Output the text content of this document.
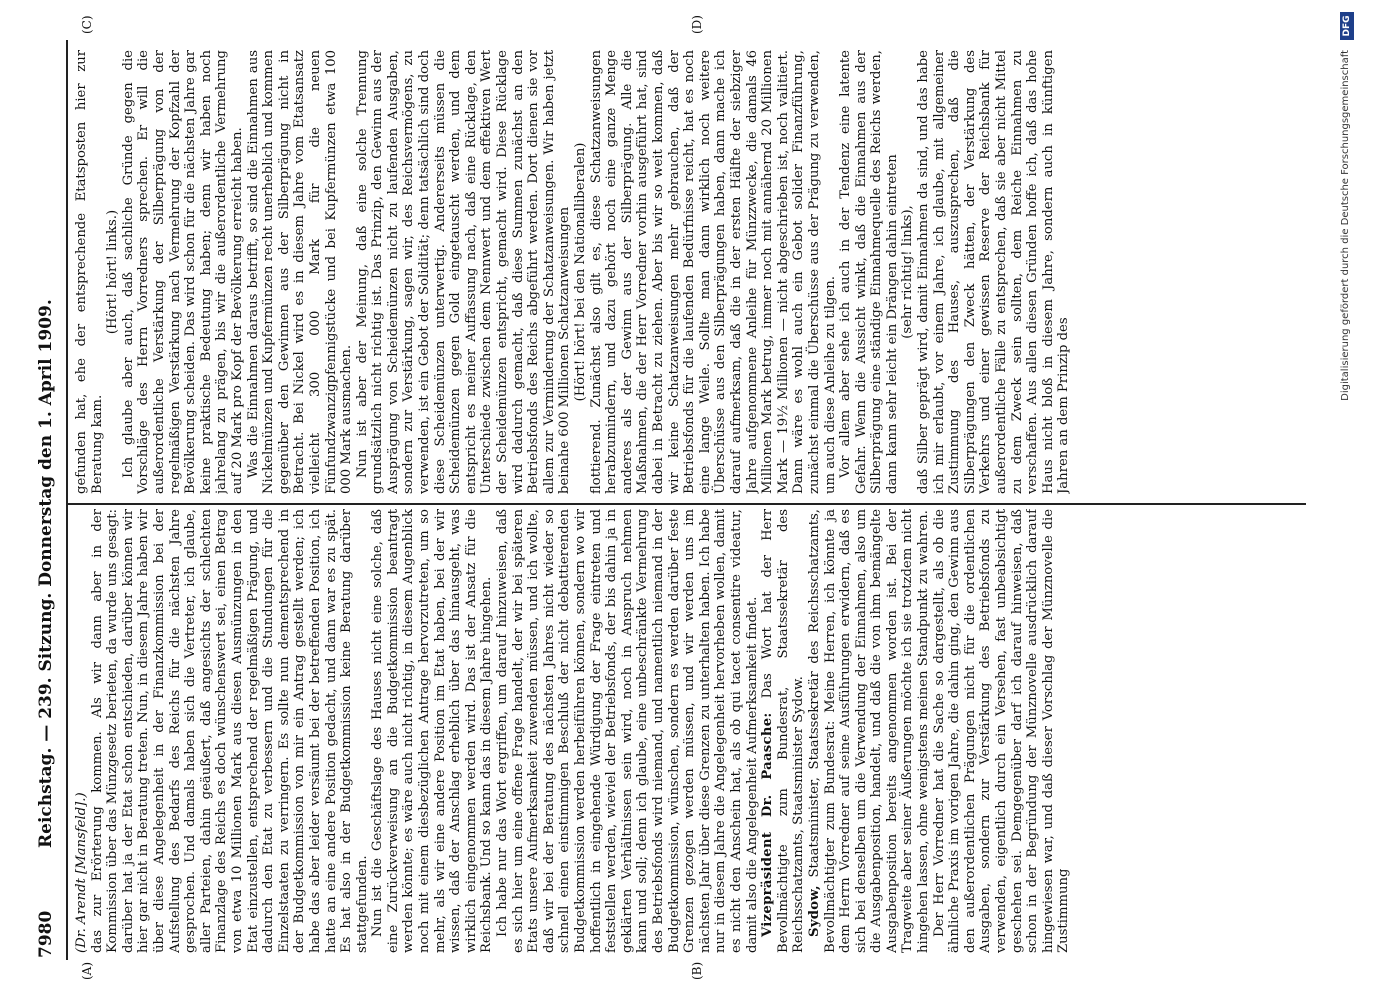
7980
Reichstag. — 239. Sitzung. Donnerstag den 1. April 1909.
(A)	(B)
(C)	(D)

(Dr. Arendt [Mansfeld].) das zur Erörterung kommen. Als wir dann aber in der Kommission über das Münzgesetz berieten, da wurde uns gesagt: darüber hat ja der Etat schon entschieden, darüber können wir hier gar nicht in Beratung treten. Nun, in diesem Jahre haben wir über diese Angelegenheit in der Finanzkommission bei der Aufstellung des Bedarfs des Reichs für die nächsten Jahre gesprochen. Und damals haben sich die Vertreter, ich glaube, aller Parteien, dahin geäußert, daß angesichts der schlechten Finanzlage des Reichs es doch wünschenswert sei, einen Betrag von etwa 10 Millionen Mark aus diesen Ausmünzungen in den Etat einzustellen, entsprechend der regelmäßigen Prägung, und dadurch den Etat zu verbessern und die Stundungen für die Einzelstaaten zu verringern. Es sollte nun dementsprechend in der Budgetkommission von mir ein Antrag gestellt werden; ich habe das aber leider versäumt bei der betreffenden Position, ich hatte an eine andere Position gedacht, und dann war es zu spät. Es hat also in der Budgetkommission keine Beratung darüber stattgefunden. Nun ist die Geschäftslage des Hauses nicht eine solche, daß eine Zurückverweisung an die Budgetkommission beantragt werden könnte; es wäre auch nicht richtig, in diesem Augenblick noch mit einem diesbezüglichen Antrage hervorzutreten, um so mehr, als wir eine andere Position im Etat haben, bei der wir wissen, daß der Anschlag erheblich über das hinausgeht, was wirklich eingenommen werden wird. Das ist der Ansatz für die Reichsbank. Und so kann das in diesem Jahre hingehen. Ich habe nur das Wort ergriffen, um darauf hinzuweisen, daß es sich hier um eine offene Frage handelt, der wir bei späteren Etats unsere Aufmerksamkeit zuwenden müssen, und ich wollte, daß wir bei der Beratung des nächsten Jahres nicht wieder so schnell einen einstimmigen Beschluß der nicht debattierenden Budgetkommission werden herbeiführen können, sondern wo wir hoffentlich in eingehende Würdigung der Frage eintreten und feststellen werden, wieviel der Betriebsfonds, der bis dahin ja in geklärten Verhältnissen sein wird, noch in Anspruch nehmen kann und soll; denn ich glaube, eine unbeschränkte Vermehrung des Betriebsfonds wird niemand, und namentlich niemand in der Budgetkommission, wünschen, sondern es werden darüber feste Grenzen gezogen werden müssen, und wir werden uns im nächsten Jahr über diese Grenzen zu unterhalten haben. Ich habe nur in diesem Jahre die Angelegenheit hervorheben wollen, damit es nicht den Anschein hat, als ob qui tacet consentire videatur, damit also die Angelegenheit Aufmerksamkeit findet. Vizepräsident Dr. Paasche: Das Wort hat der Herr Bevollmächtigte zum Bundesrat, Staatssekretär des Reichsschatzamts, Staatsminister Sydow. Sydow, Staatsminister, Staatssekretär des Reichsschatzamts, Bevollmächtigter zum Bundesrat: Meine Herren, ich könnte ja dem Herrn Vorredner auf seine Ausführungen erwidern, daß es sich bei denselben um die Verwendung der Einnahmen, also um die Ausgabenposition, handelt, und daß die von ihm bemängelte Ausgabenposition bereits angenommen worden ist. Bei der Tragweite aber seiner Äußerungen möchte ich sie trotzdem nicht hingehen lassen, ohne wenigstens meinen Standpunkt zu wahren. Der Herr Vorredner hat die Sache so dargestellt, als ob die ähnliche Praxis im vorigen Jahre, die dahin ging, den Gewinn aus den außerordentlichen Prägungen nicht für die ordentlichen Ausgaben, sondern zur Verstärkung des Betriebsfonds zu verwenden, eigentlich durch ein Versehen, fast unbeabsichtigt geschehen sei. Demgegenüber darf ich darauf hinweisen, daß schon in der Begründung der Münznovelle ausdrücklich darauf hingewiesen war, und daß dieser Vorschlag der Münznovelle die Zustimmung

gefunden hat, ehe der entsprechende Etatsposten hier zur Beratung kam.

(Hört! hört! links.) Ich glaube aber auch, daß sachliche Gründe gegen die Vorschläge des Herrn Vorredners sprechen. Er will die außerordentliche Verstärkung der Silberprägung von der regelmäßigen Verstärkung nach Vermehrung der Kopfzahl der Bevölkerung scheiden. Das wird schon für die nächsten Jahre gar keine praktische Bedeutung haben; denn wir haben noch jahrelang zu prägen, bis wir die außerordentliche Vermehrung auf 20 Mark pro Kopf der Bevölkerung erreicht haben. Was die Einnahmen daraus betrifft, so sind die Einnahmen aus Nickelmünzen und Kupfermünzen recht unerheblich und kommen gegenüber den Gewinnen aus der Silberprägung nicht in Betracht. Bei Nickel wird es in diesem Jahre vom Etatsansatz vielleicht 300 000 Mark für die neuen Fünfundzwanzigpfennigstücke und bei Kupfermünzen etwa 100 000 Mark ausmachen. Nun ist aber der Meinung, daß eine solche Trennung grundsätzlich nicht richtig ist. Das Prinzip, den Gewinn aus der Ausprägung von Scheidemünzen nicht zu laufenden Ausgaben, sondern zur Verstärkung, sagen wir, des Reichsvermögens, zu verwenden, ist ein Gebot der Solidität; denn tatsächlich sind doch diese Scheidemünzen unterwertig. Andererseits müssen die Scheidemünzen gegen Gold eingetauscht werden, und dem entspricht es meiner Auffassung nach, daß eine Rücklage, den Unterschiede zwischen dem Nennwert und dem effektiven Wert der Scheidemünzen entspricht, gemacht wird. Diese Rücklage wird dadurch gemacht, daß diese Summen zunächst an den Betriebsfonds des Reichs abgeführt werden. Dort dienen sie vor allem zur Verminderung der Schatzanweisungen. Wir haben jetzt beinahe 600 Millionen Schatzanweisungen (Hört! hört! bei den Nationalliberalen) flottierend. Zunächst also gilt es, diese Schatzanweisungen herabzumindern, und dazu gehört noch eine ganze Menge anderes als der Gewinn aus der Silberprägung. Alle die Maßnahmen, die der Herr Vorredner vorhin ausgeführt hat, sind dabei in Betracht zu ziehen. Aber bis wir so weit kommen, daß wir keine Schatzanweisungen mehr gebrauchen, daß der Betriebsfonds für die laufenden Bedürfnisse reicht, hat es noch eine lange Weile. Sollte man dann wirklich noch weitere Überschüsse aus den Silberprägungen haben, dann mache ich darauf aufmerksam, daß die in der ersten Hälfte der siebziger Jahre aufgenommene Anleihe für Münzzwecke, die damals 46 Millionen Mark betrug, immer noch mit annähernd 20 Millionen Mark — 19½ Millionen — nicht abgeschrieben ist, noch valitiert. Dann wäre es wohl auch ein Gebot solider Finanzführung, zunächst einmal die Überschüsse aus der Prägung zu verwenden, um auch diese Anleihe zu tilgen. Vor allem aber sehe ich auch in der Tendenz eine latente Gefahr. Wenn die Aussicht winkt, daß die Einnahmen aus der Silberprägung eine ständige Einnahmequelle des Reichs werden, dann kann sehr leicht ein Drängen dahin eintreten (sehr richtig! links), daß Silber geprägt wird, damit Einnahmen da sind, und das habe ich mir erlaubt, vor einem Jahre, ich glaube, mit allgemeiner Zustimmung des Hauses, auszusprechen, daß die Silberprägungen den Zweck hätten, der Verstärkung des Verkehrs und einer gewissen Reserve der Reichsbank für außerordentliche Fälle zu entsprechen, daß sie aber nicht Mittel zu dem Zweck sein sollten, dem Reiche Einnahmen zu verschaffen. Aus allen diesen Gründen hoffe ich, daß das hohe Haus nicht bloß in diesem Jahre, sondern auch in künftigen Jahren an dem Prinzip des

Digitalisierung gefördert durch die Deutsche Forschungsgemeinschaft
DFG
